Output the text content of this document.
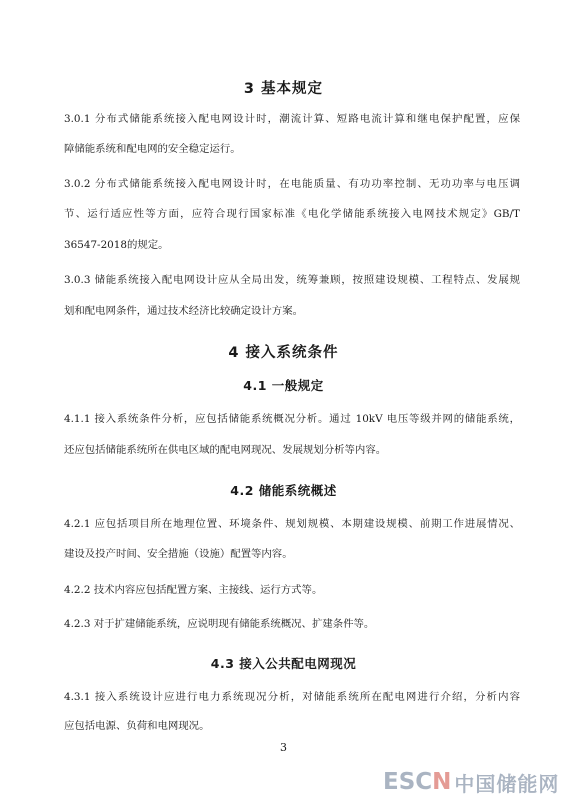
3 基本规定
3.0.1 分布式储能系统接入配电网设计时，潮流计算、短路电流计算和继电保护配置，应保
障储能系统和配电网的安全稳定运行。
3.0.2 分布式储能系统接入配电网设计时，在电能质量、有功功率控制、无功功率与电压调
节、运行适应性等方面，应符合现行国家标准《电化学储能系统接入电网技术规定》GB/T
36547-2018的规定。
3.0.3 储能系统接入配电网设计应从全局出发，统筹兼顾，按照建设规模、工程特点、发展规
划和配电网条件，通过技术经济比较确定设计方案。
4 接入系统条件
4.1 一般规定
4.1.1 接入系统条件分析，应包括储能系统概况分析。通过 10kV 电压等级并网的储能系统，
还应包括储能系统所在供电区域的配电网现况、发展规划分析等内容。
4.2 储能系统概述
4.2.1 应包括项目所在地理位置、环境条件、规划规模、本期建设规模、前期工作进展情况、
建设及投产时间、安全措施（设施）配置等内容。
4.2.2 技术内容应包括配置方案、主接线、运行方式等。
4.2.3 对于扩建储能系统，应说明现有储能系统概况、扩建条件等。
4.3 接入公共配电网现况
4.3.1 接入系统设计应进行电力系统现况分析，对储能系统所在配电网进行介绍，分析内容
应包括电源、负荷和电网现况。
3
ESC N 中国储能网
